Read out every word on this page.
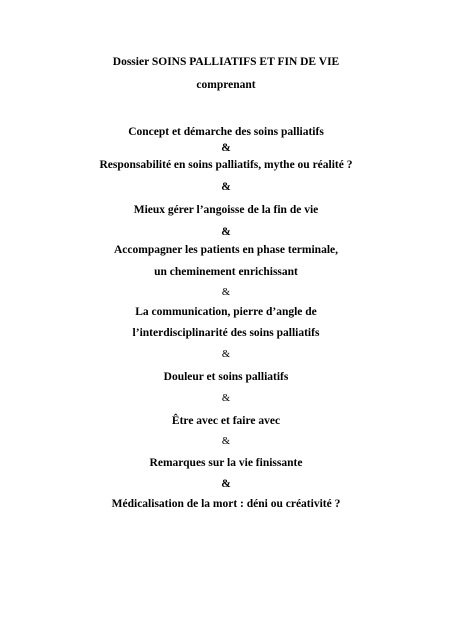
Dossier SOINS PALLIATIFS ET FIN DE VIE
comprenant
Concept et démarche des soins palliatifs
&
Responsabilité en soins palliatifs, mythe ou réalité ?
&
Mieux gérer l’angoisse de la fin de vie
&
Accompagner les patients en phase terminale,
un cheminement enrichissant
&
La communication, pierre d’angle de
l’interdisciplinarité des soins palliatifs
&
Douleur et soins palliatifs
&
Être avec et faire avec
&
Remarques sur la vie finissante
&
Médicalisation de la mort : déni ou créativité ?
